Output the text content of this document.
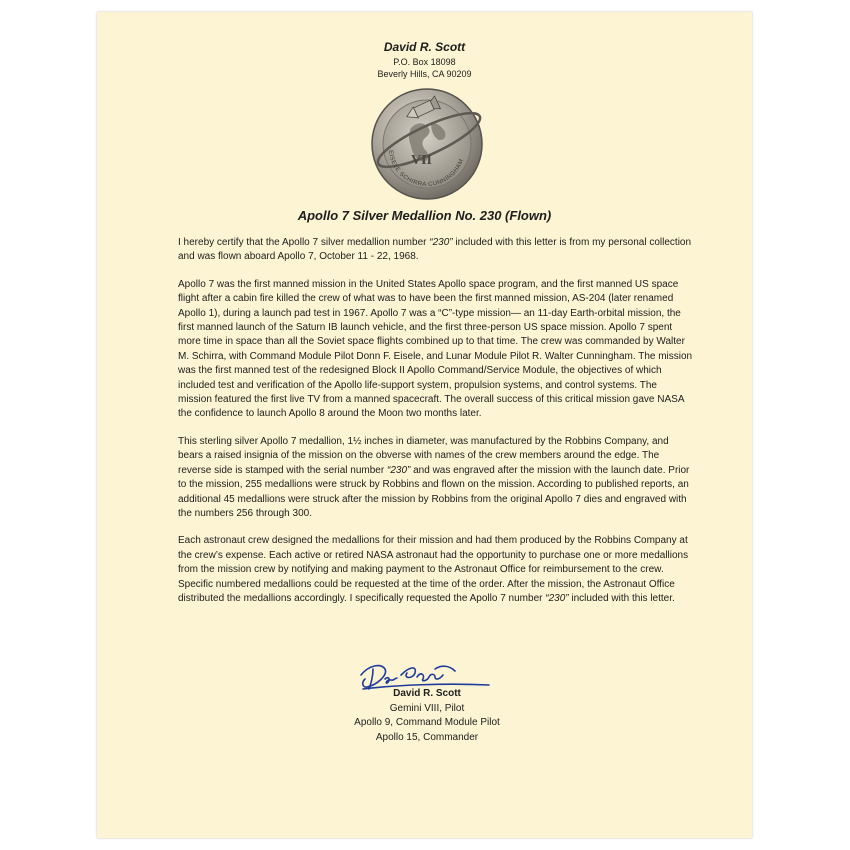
David R. Scott
P.O. Box 18098
Beverly Hills, CA 90209
VII
EISELE SCHIRRA CUNNINGHAM
Apollo 7 Silver Medallion No. 230 (Flown)

I hereby certify that the Apollo 7 silver medallion number “230” included with this letter is from my personal collection and was flown aboard Apollo 7, October 11 - 22, 1968.

Apollo 7 was the first manned mission in the United States Apollo space program, and the first manned US space flight after a cabin fire killed the crew of what was to have been the first manned mission, AS-204 (later renamed Apollo 1), during a launch pad test in 1967. Apollo 7 was a “C”-type mission— an 11-day Earth-orbital mission, the first manned launch of the Saturn IB launch vehicle, and the first three-person US space mission. Apollo 7 spent more time in space than all the Soviet space flights combined up to that time. The crew was commanded by Walter M. Schirra, with Command Module Pilot Donn F. Eisele, and Lunar Module Pilot R. Walter Cunningham. The mission was the first manned test of the redesigned Block II Apollo Command/Service Module, the objectives of which included test and verification of the Apollo life-support system, propulsion systems, and control systems. The mission featured the first live TV from a manned spacecraft. The overall success of this critical mission gave NASA the confidence to launch Apollo 8 around the Moon two months later.

This sterling silver Apollo 7 medallion, 1½ inches in diameter, was manufactured by the Robbins Company, and bears a raised insignia of the mission on the obverse with names of the crew members around the edge. The reverse side is stamped with the serial number “230” and was engraved after the mission with the launch date. Prior to the mission, 255 medallions were struck by Robbins and flown on the mission. According to published reports, an additional 45 medallions were struck after the mission by Robbins from the original Apollo 7 dies and engraved with the numbers 256 through 300.

Each astronaut crew designed the medallions for their mission and had them produced by the Robbins Company at the crew’s expense. Each active or retired NASA astronaut had the opportunity to purchase one or more medallions from the mission crew by notifying and making payment to the Astronaut Office for reimbursement to the crew. Specific numbered medallions could be requested at the time of the order. After the mission, the Astronaut Office distributed the medallions accordingly. I specifically requested the Apollo 7 number “230” included with this letter.

David R. Scott
Gemini VIII, Pilot
Apollo 9, Command Module Pilot
Apollo 15, Commander
